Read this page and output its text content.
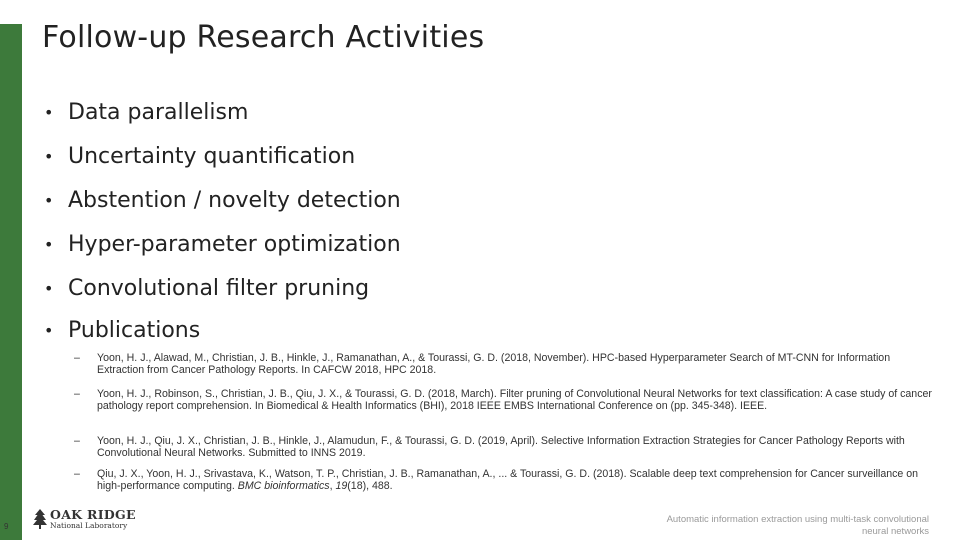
Follow-up Research Activities
• Data parallelism
• Uncertainty quantification
• Abstention / novelty detection
• Hyper-parameter optimization
• Convolutional filter pruning
• Publications
–	Yoon, H. J., Alawad, M., Christian, J. B., Hinkle, J., Ramanathan, A., & Tourassi, G. D. (2018, November). HPC-based Hyperparameter Search of MT-CNN for Information Extraction from Cancer Pathology Reports. In CAFCW 2018, HPC 2018.
–	Yoon, H. J., Robinson, S., Christian, J. B., Qiu, J. X., & Tourassi, G. D. (2018, March). Filter pruning of Convolutional Neural Networks for text classification: A case study of cancer pathology report comprehension. In Biomedical & Health Informatics (BHI), 2018 IEEE EMBS International Conference on (pp. 345-348). IEEE.
–	Yoon, H. J., Qiu, J. X., Christian, J. B., Hinkle, J., Alamudun, F., & Tourassi, G. D. (2019, April). Selective Information Extraction Strategies for Cancer Pathology Reports with Convolutional Neural Networks. Submitted to INNS 2019.
–	Qiu, J. X., Yoon, H. J., Srivastava, K., Watson, T. P., Christian, J. B., Ramanathan, A., ... & Tourassi, G. D. (2018). Scalable deep text comprehension for Cancer surveillance on high-performance computing. BMC bioinformatics, 19(18), 488.
OAK RIDGE
National Laboratory
9
Automatic information extraction using multi-task convolutional
neural networks
